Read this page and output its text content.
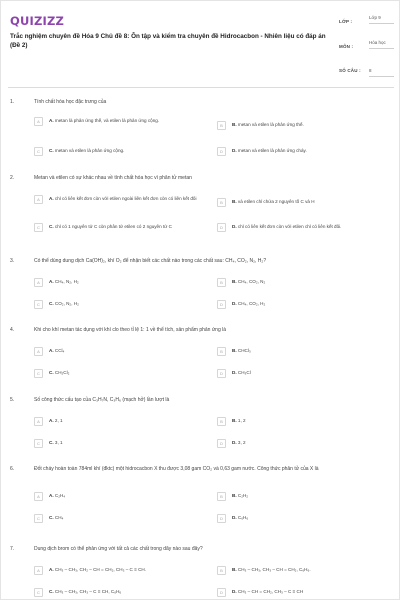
QUIZIZZ
Trắc nghiệm chuyên đề Hóa 9 Chủ đề 8: Ôn tập và kiểm tra chuyên đề Hidrocacbon - Nhiên liệu có đáp án (Đề 2)
LỚP :
Lớp 9
MÔN :
Hóa học
SỐ CÂU : 8
1.	Tính chất hóa học đặc trưng của
A	A. metan là phản ứng thế, và etilen là phản ứng cộng.
B	B. metan và etilen là phản ứng thế.
C	C. metan và etilen là phản ứng cộng.	D	D. metan và etilen là phản ứng cháy.
2.	Metan và etilen có sự khác nhau về tính chất hóa học vì phân tử metan
A	A. chỉ có liên kết đơn còn với etilen ngoài liên kết đơn còn có liên kết đôi
B	B. và etilen chỉ chứa 2 nguyên tố C và H
C	C. chỉ có 1 nguyên tử C còn phân tử etilen có 2 nguyên tử C	D	D. chỉ có liên kết đơn còn với etilen chỉ có liên kết đôi.
3.	Có thể dùng dung dịch Ca(OH)₂, khí O₂ để nhận biết các chất nào trong các chất sau: CH₄, CO₂, N₂, H₂?
A	A. CH₄, N₂, H₂	B	B. CH₄, CO₂, N₂
C	C. CO₂, N₂, H₂	D	D. CH₄, CO₂, H₂
4.	Khi cho khí metan tác dụng với khí clo theo tỉ lệ 1: 1 về thể tích, sản phẩm phản ứng là
A	A. CCl₄	B	B. CHCl₃
C	C. CH₂Cl₂	D	D. CH₃Cl
5.	Số công thức cấu tạo của C₃H₇N, C₃H₆ (mạch hở) lần lượt là
A	A. 2, 1	B	B. 1, 2
C	C. 3, 1	D	D. 3, 2
6.	Đốt cháy hoàn toàn 784ml khí (đktc) một hidrocacbon X thu được 3,08 gam CO₂ và 0,63 gam nước. Công thức phân tử của X là
A	A. C₂H₄	B	B. C₂H₂
C	C. CH₄	D	D. C₆H₆
7.	Dung dịch brom có thể phản ứng với tất cả các chất trong dãy nào sau đây?
A	A. CH₃ – CH₃, CH₂ – CH = CH₂, CH₃ – C ≡ CH.	B	B. CH₃ – CH₃, CH₃ – CH = CH₂, C₆H₆.
C	C. CH₃ – CH₃, CH₃ – C ≡ CH, C₆H₆	D	D. CH₃ – CH = CH₂, CH₃ – C ≡ CH
